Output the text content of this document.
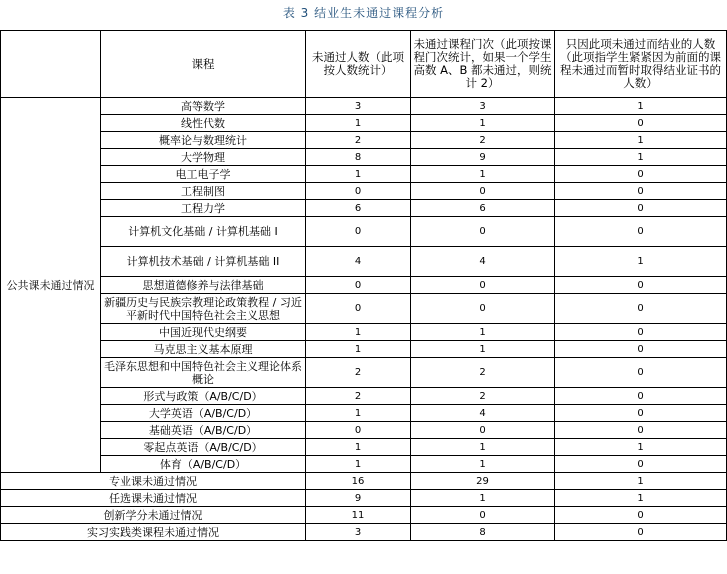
表 3 结业生未通过课程分析
	课程	未通过人数（此项按人数统计）	未通过课程门次（此项按课程门次统计，如果一个学生高数 A、B 都未通过，则统计 2）	只因此项未通过而结业的人数（此项指学生紧紧因为前面的课程未通过而暂时取得结业证书的人数）
公共课未通过情况	高等数学	3	3	1
	线性代数	1	1	0
	概率论与数理统计	2	2	1
	大学物理	8	9	1
	电工电子学	1	1	0
	工程制图	0	0	0
	工程力学	6	6	0
	计算机文化基础 / 计算机基础 I	0	0	0
	计算机技术基础 / 计算机基础 II	4	4	1
	思想道德修养与法律基础	0	0	0
	新疆历史与民族宗教理论政策教程 / 习近平新时代中国特色社会主义思想	0	0	0
	中国近现代史纲要	1	1	0
	马克思主义基本原理	1	1	0
	毛泽东思想和中国特色社会主义理论体系概论	2	2	0
	形式与政策（A/B/C/D）	2	2	0
	大学英语（A/B/C/D）	1	4	0
	基础英语（A/B/C/D）	0	0	0
	零起点英语（A/B/C/D）	1	1	1
	体育（A/B/C/D）	1	1	0
专业课未通过情况		16	29	1
任选课未通过情况		9	1	1
创新学分未通过情况		11	0	0
实习实践类课程未通过情况		3	8	0
